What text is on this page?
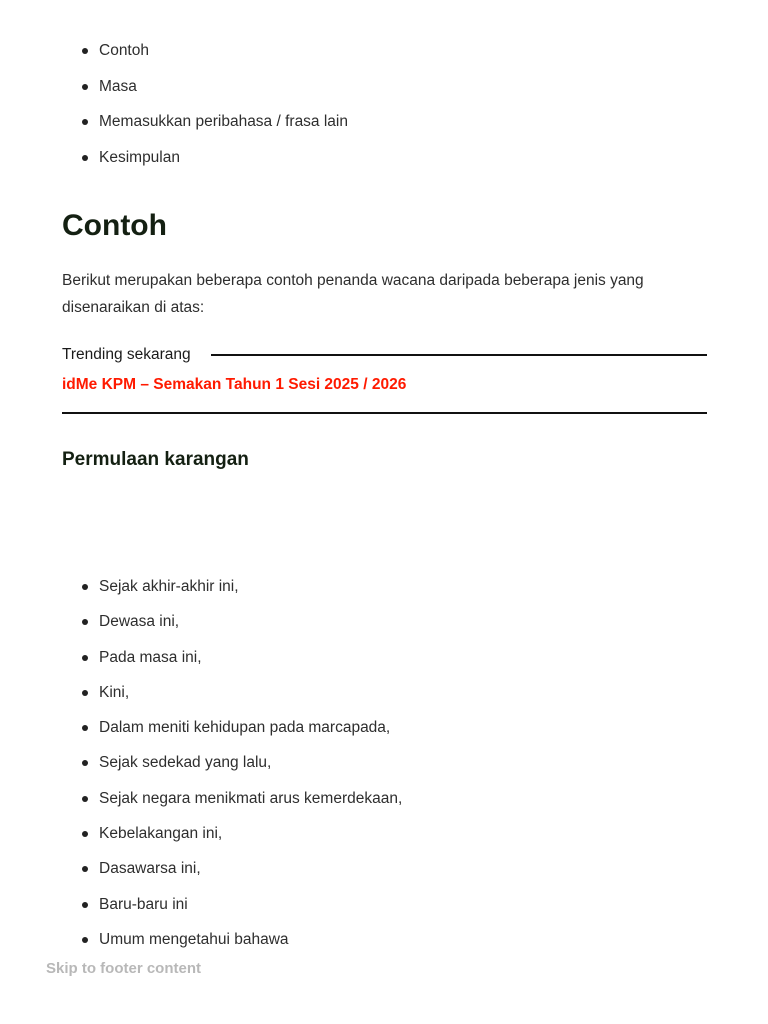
Contoh
Masa
Memasukkan peribahasa / frasa lain
Kesimpulan
Contoh

Berikut merupakan beberapa contoh penanda wacana daripada beberapa jenis yang disenaraikan di atas:

Trending sekarang
idMe KPM – Semakan Tahun 1 Sesi 2025 / 2026
Permulaan karangan
Sejak akhir-akhir ini,
Dewasa ini,
Pada masa ini,
Kini,
Dalam meniti kehidupan pada marcapada,
Sejak sedekad yang lalu,
Sejak negara menikmati arus kemerdekaan,
Kebelakangan ini,
Dasawarsa ini,
Baru-baru ini
Umum mengetahui bahawa
Skip to footer content
